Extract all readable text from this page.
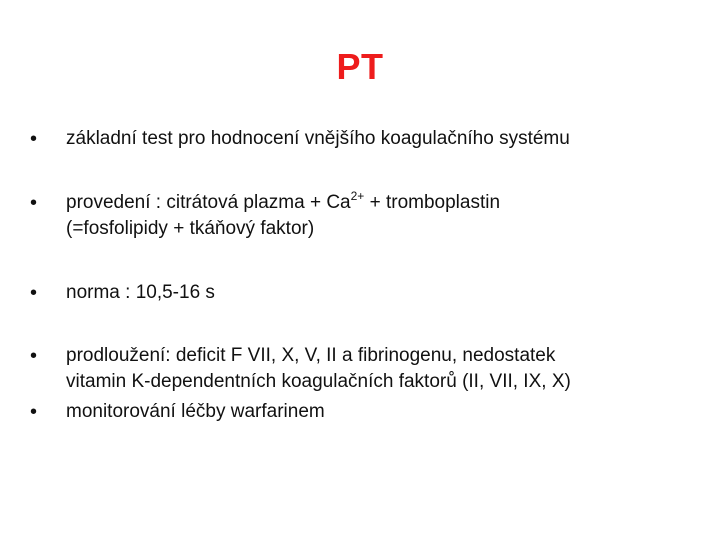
PT
•	základní test pro hodnocení vnějšího koagulačního systému
•	provedení : citrátová plazma + $Ca^{2+}$ + tromboplastin
(=fosfolipidy + tkáňový faktor)
•	norma : 10,5-16 s
•	prodloužení: deficit F VII, X, V, II a fibrinogenu, nedostatek
vitamin K-dependentních koagulačních faktorů (II, VII, IX, X)
•	monitorování léčby warfarinem
